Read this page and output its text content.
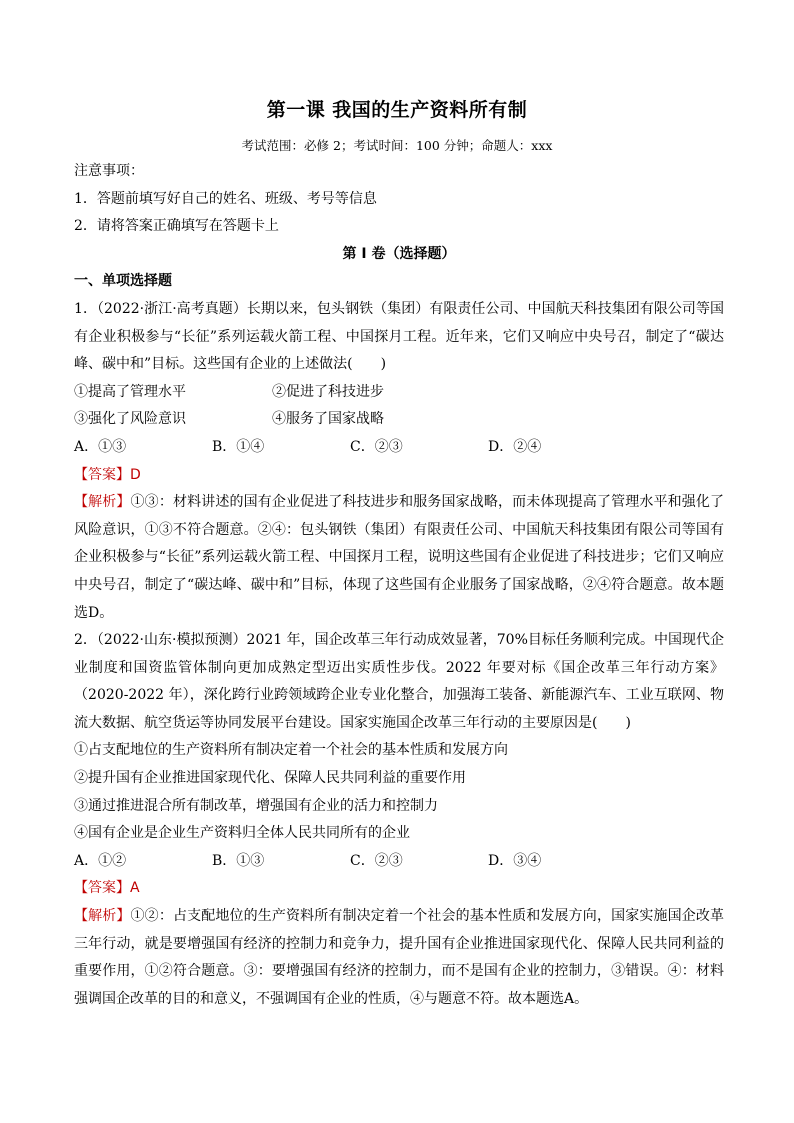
第一课 我国的生产资料所有制
考试范围：必修 2；考试时间：100 分钟；命题人：xxx

注意事项：

1．答题前填写好自己的姓名、班级、考号等信息

2．请将答案正确填写在答题卡上

第 I 卷（选择题）

一、单项选择题

1．（2022·浙江·高考真题）长期以来，包头钢铁（集团）有限责任公司、中国航天科技集团有限公司等国有企业积极参与“长征”系列运载火箭工程、中国探月工程。近年来，它们又响应中央号召，制定了“碳达峰、碳中和”目标。这些国有企业的上述做法(　　)

①提高了管理水平	②促进了科技进步
③强化了风险意识	④服务了国家战略
A．①③	B．①④	C．②③	D．②④

【答案】D

【解析】①③：材料讲述的国有企业促进了科技进步和服务国家战略，而未体现提高了管理水平和强化了风险意识，①③不符合题意。②④：包头钢铁（集团）有限责任公司、中国航天科技集团有限公司等国有企业积极参与“长征”系列运载火箭工程、中国探月工程，说明这些国有企业促进了科技进步；它们又响应中央号召，制定了“碳达峰、碳中和”目标，体现了这些国有企业服务了国家战略，②④符合题意。故本题选D。

2．（2022·山东·模拟预测）2021 年，国企改革三年行动成效显著，70%目标任务顺利完成。中国现代企业制度和国资监管体制向更加成熟定型迈出实质性步伐。2022 年要对标《国企改革三年行动方案》（2020-2022 年），深化跨行业跨领域跨企业专业化整合，加强海工装备、新能源汽车、工业互联网、物流大数据、航空货运等协同发展平台建设。国家实施国企改革三年行动的主要原因是(　　)

①占支配地位的生产资料所有制决定着一个社会的基本性质和发展方向

②提升国有企业推进国家现代化、保障人民共同利益的重要作用

③通过推进混合所有制改革，增强国有企业的活力和控制力

④国有企业是企业生产资料归全体人民共同所有的企业

A．①②	B．①③	C．②③	D．③④

【答案】A

【解析】①②：占支配地位的生产资料所有制决定着一个社会的基本性质和发展方向，国家实施国企改革三年行动，就是要增强国有经济的控制力和竞争力，提升国有企业推进国家现代化、保障人民共同利益的重要作用，①②符合题意。③：要增强国有经济的控制力，而不是国有企业的控制力，③错误。④：材料强调国企改革的目的和意义，不强调国有企业的性质，④与题意不符。故本题选A。
